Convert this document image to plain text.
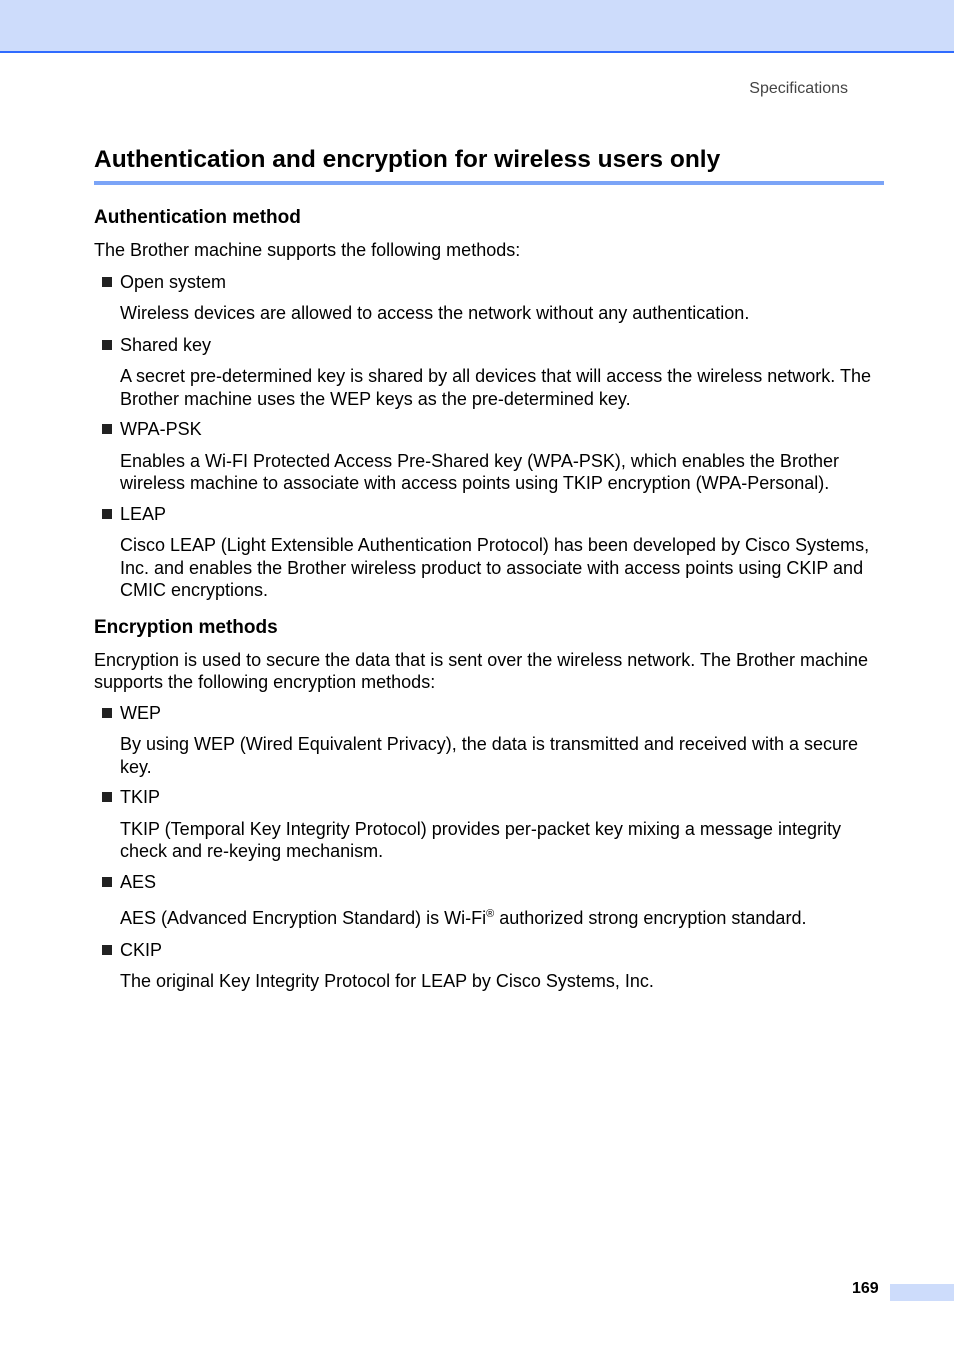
Specifications
Authentication and encryption for wireless users only
Authentication method

The Brother machine supports the following methods:

Open system
Wireless devices are allowed to access the network without any authentication.
Shared key
A secret pre-determined key is shared by all devices that will access the wireless network. The Brother machine uses the WEP keys as the pre-determined key.
WPA-PSK
Enables a Wi-FI Protected Access Pre-Shared key (WPA-PSK), which enables the Brother wireless machine to associate with access points using TKIP encryption (WPA-Personal).
LEAP
Cisco LEAP (Light Extensible Authentication Protocol) has been developed by Cisco Systems, Inc. and enables the Brother wireless product to associate with access points using CKIP and CMIC encryptions.
Encryption methods

Encryption is used to secure the data that is sent over the wireless network. The Brother machine supports the following encryption methods:

WEP
By using WEP (Wired Equivalent Privacy), the data is transmitted and received with a secure key.
TKIP
TKIP (Temporal Key Integrity Protocol) provides per-packet key mixing a message integrity check and re-keying mechanism.
AES
AES (Advanced Encryption Standard) is Wi-Fi® authorized strong encryption standard.
CKIP
The original Key Integrity Protocol for LEAP by Cisco Systems, Inc.
169
